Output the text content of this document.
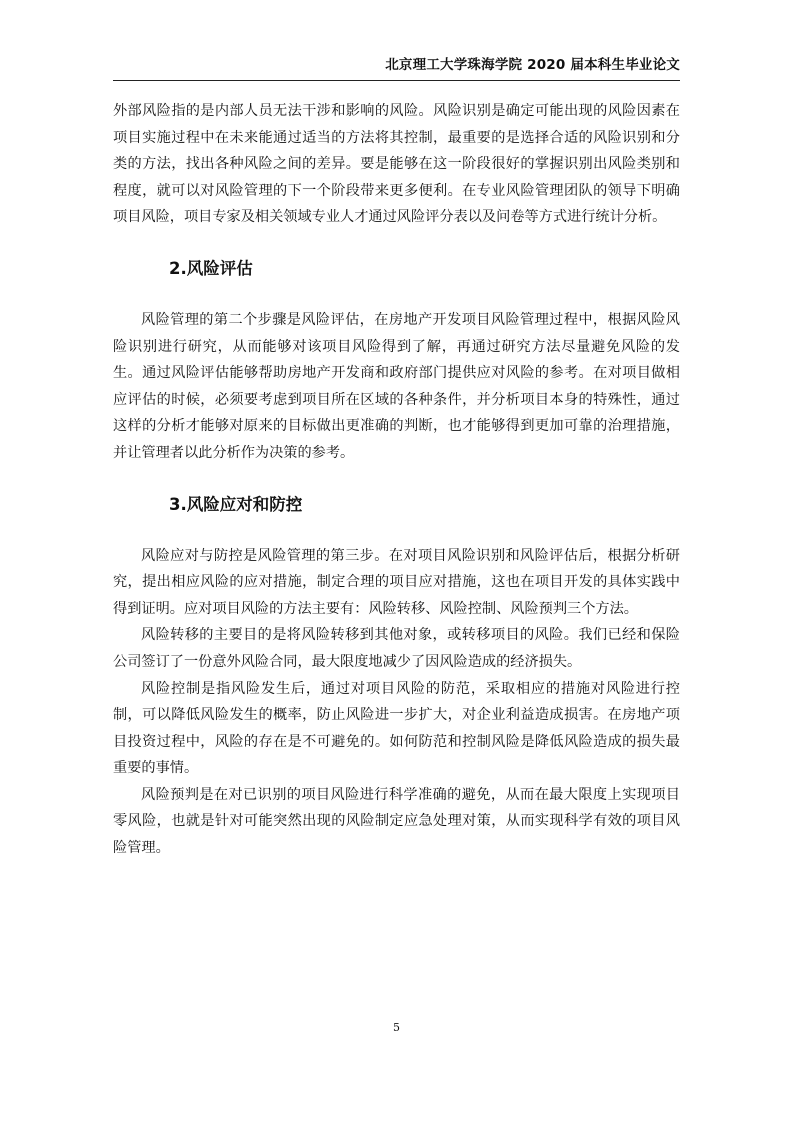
北京理工大学珠海学院 2020 届本科生毕业论文

外部风险指的是内部人员无法干涉和影响的风险。风险识别是确定可能出现的风险因素在项目实施过程中在未来能通过适当的方法将其控制，最重要的是选择合适的风险识别和分类的方法，找出各种风险之间的差异。要是能够在这一阶段很好的掌握识别出风险类别和程度，就可以对风险管理的下一个阶段带来更多便利。在专业风险管理团队的领导下明确项目风险，项目专家及相关领域专业人才通过风险评分表以及问卷等方式进行统计分析。

2.风险评估

风险管理的第二个步骤是风险评估，在房地产开发项目风险管理过程中，根据风险风险识别进行研究，从而能够对该项目风险得到了解，再通过研究方法尽量避免风险的发生。通过风险评估能够帮助房地产开发商和政府部门提供应对风险的参考。在对项目做相应评估的时候，必须要考虑到项目所在区域的各种条件，并分析项目本身的特殊性，通过这样的分析才能够对原来的目标做出更准确的判断，也才能够得到更加可靠的治理措施，并让管理者以此分析作为决策的参考。

3.风险应对和防控

风险应对与防控是风险管理的第三步。在对项目风险识别和风险评估后，根据分析研究，提出相应风险的应对措施，制定合理的项目应对措施，这也在项目开发的具体实践中得到证明。应对项目风险的方法主要有：风险转移、风险控制、风险预判三个方法。

风险转移的主要目的是将风险转移到其他对象，或转移项目的风险。我们已经和保险公司签订了一份意外风险合同，最大限度地减少了因风险造成的经济损失。

风险控制是指风险发生后，通过对项目风险的防范，采取相应的措施对风险进行控制，可以降低风险发生的概率，防止风险进一步扩大，对企业利益造成损害。在房地产项目投资过程中，风险的存在是不可避免的。如何防范和控制风险是降低风险造成的损失最重要的事情。

风险预判是在对已识别的项目风险进行科学准确的避免，从而在最大限度上实现项目零风险，也就是针对可能突然出现的风险制定应急处理对策，从而实现科学有效的项目风险管理。

5
